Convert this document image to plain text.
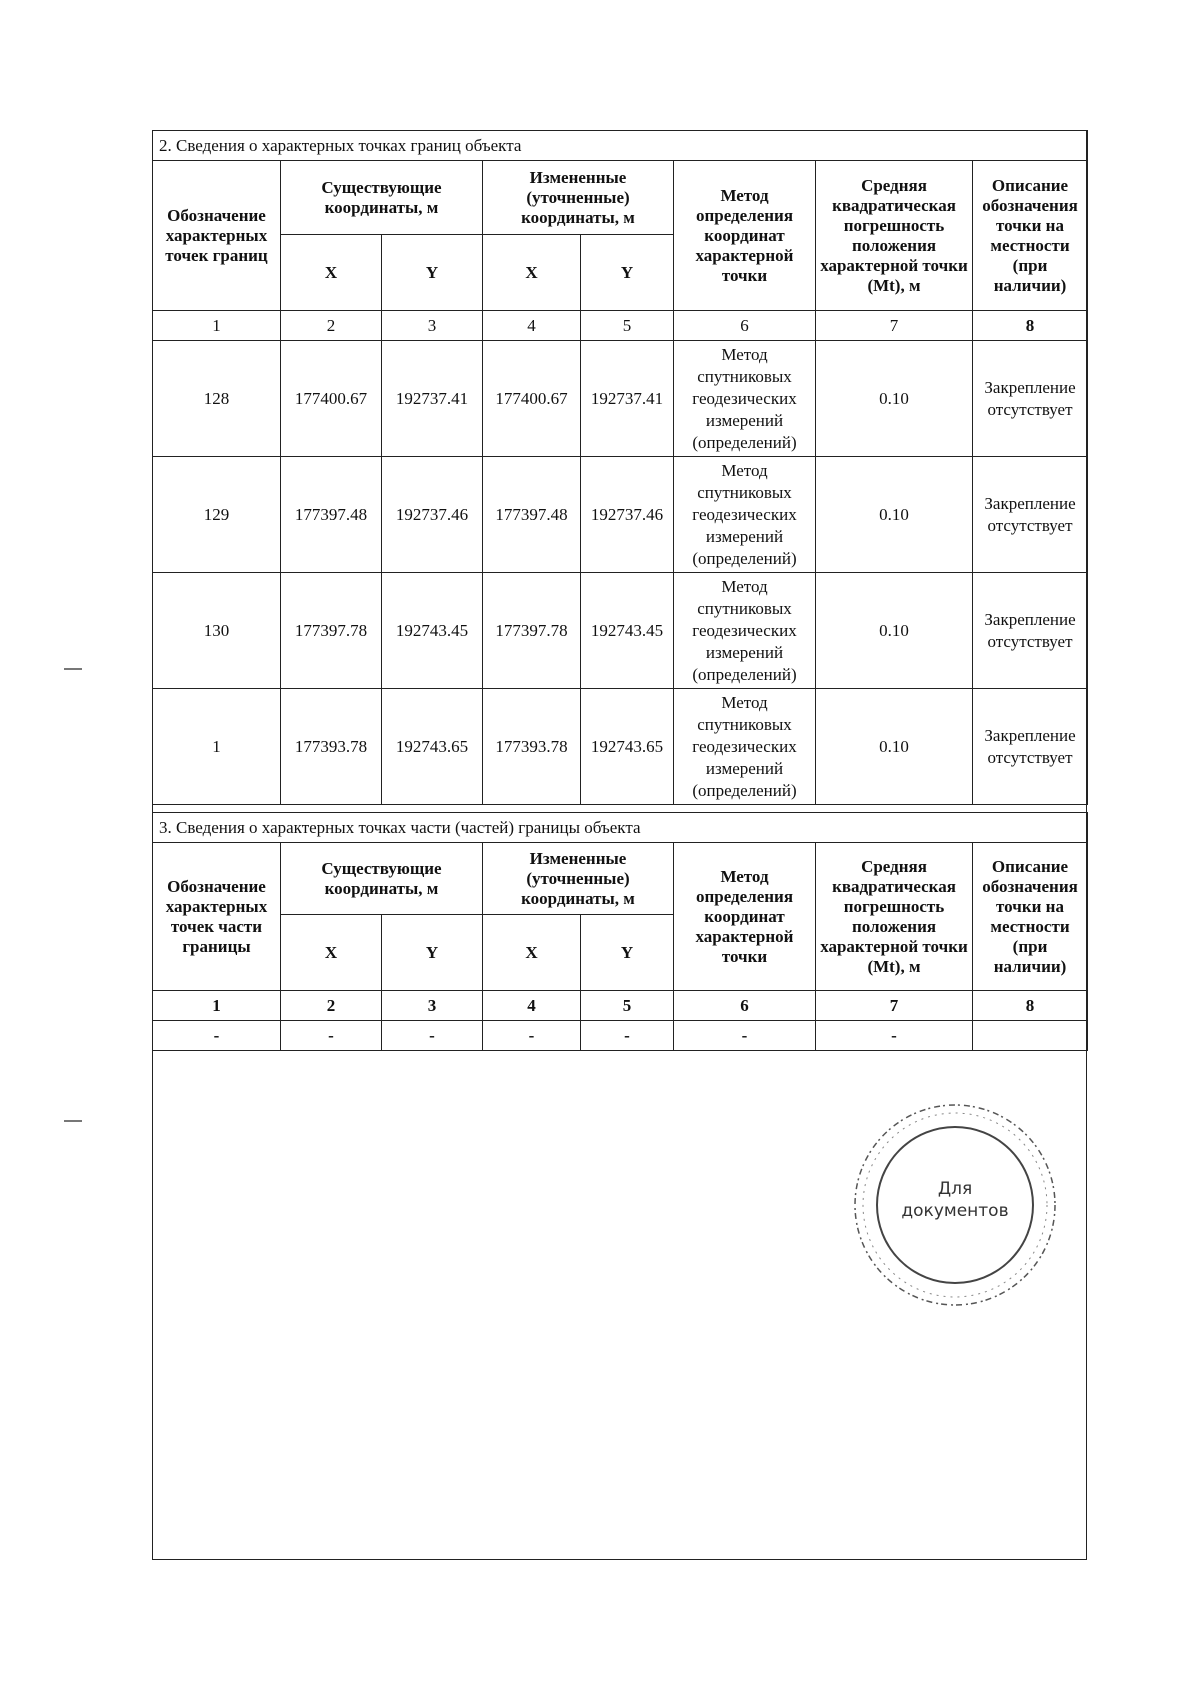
2. Сведения о характерных точках границ объекта							
Обозначение характерных точек границ	Существующие координаты, м		Измененные (уточненные) координаты, м		Метод определения координат характерной точки	Средняя квадратическая погрешность положения характерной точки (Mt), м	Описание обозначения точки на местности (при наличии)
	X	Y	X	Y			
1	2	3	4	5	6	7	8
128	177400.67	192737.41	177400.67	192737.41	Метод спутниковых геодезических измерений (определений)	0.10	Закрепление отсутствует
129	177397.48	192737.46	177397.48	192737.46	Метод спутниковых геодезических измерений (определений)	0.10	Закрепление отсутствует
130	177397.78	192743.45	177397.78	192743.45	Метод спутниковых геодезических измерений (определений)	0.10	Закрепление отсутствует
1	177393.78	192743.65	177393.78	192743.65	Метод спутниковых геодезических измерений (определений)	0.10	Закрепление отсутствует
3. Сведения о характерных точках части (частей) границы объекта							
Обозначение характерных точек части границы	Существующие координаты, м		Измененные (уточненные) координаты, м		Метод определения координат характерной точки	Средняя квадратическая погрешность положения характерной точки (Mt), м	Описание обозначения точки на местности (при наличии)
	X	Y	X	Y			
1	2	3	4	5	6	7	8
-	-	-	-	-	-	-	
Для
документов
